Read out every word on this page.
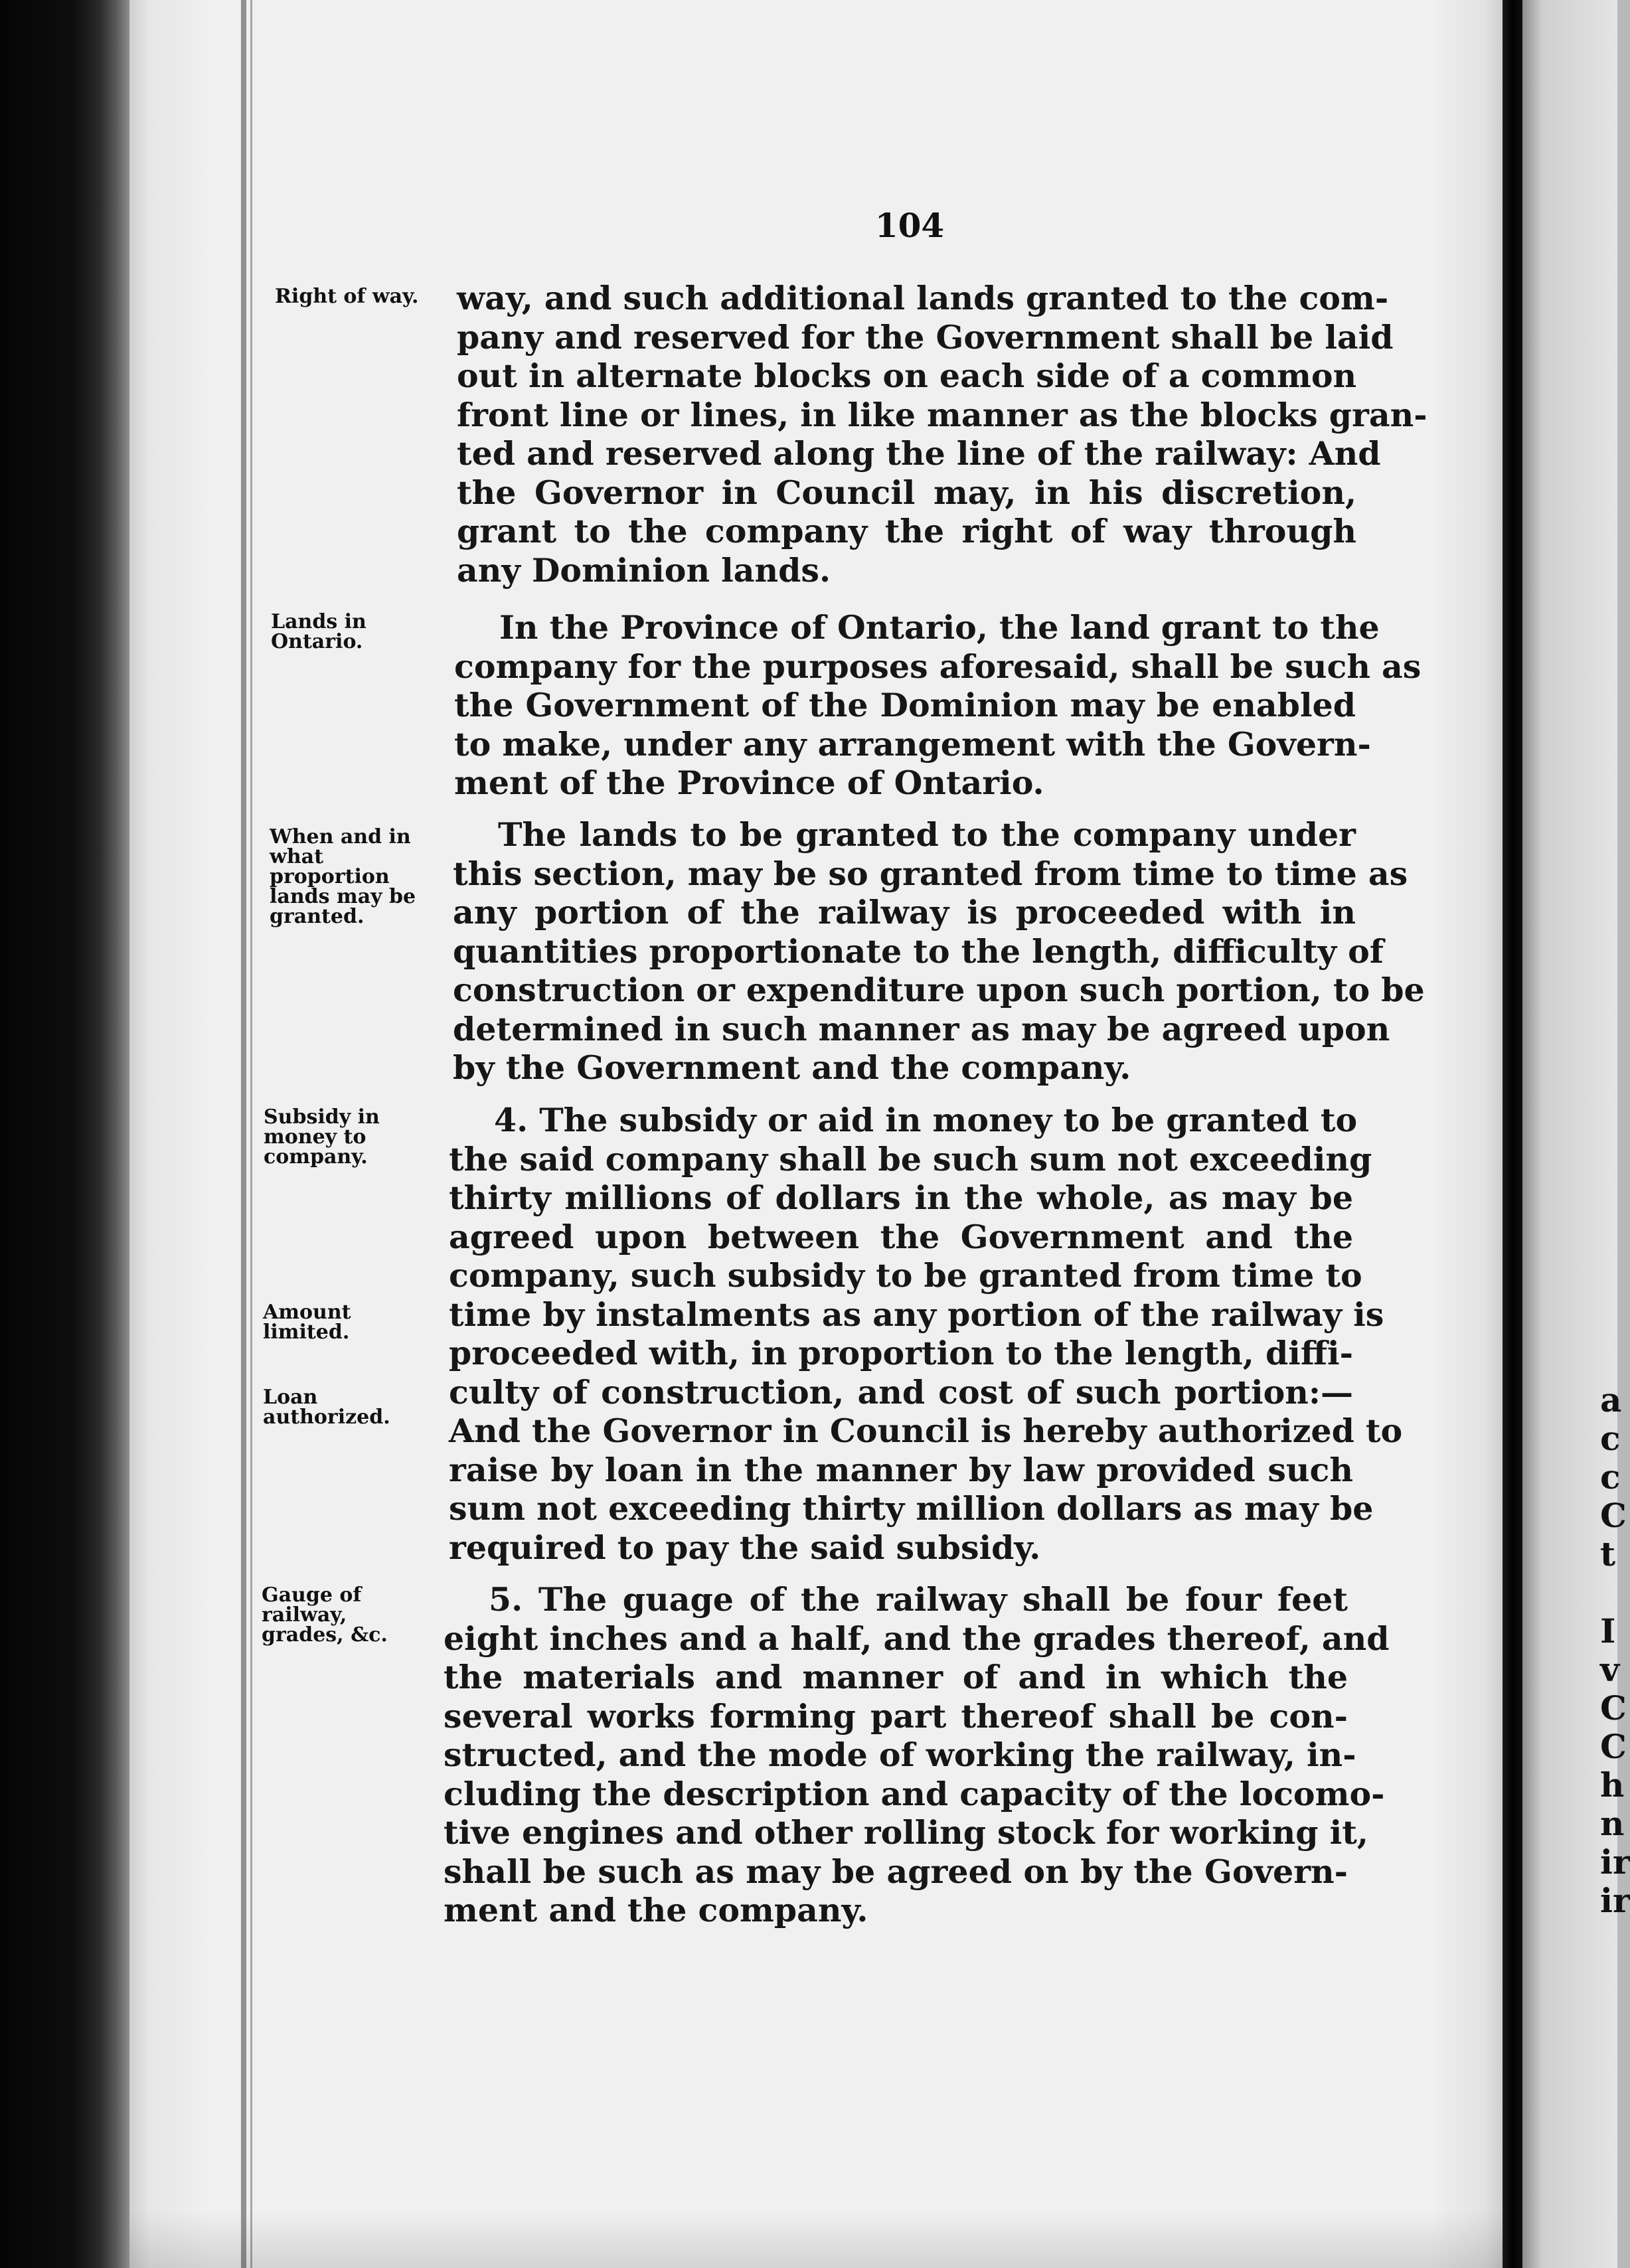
a
c
c
C
t
I
v
C
C
h
n
ir
ir
104
Right of way.
Lands in Ontario.
When and in what proportion lands may be granted.
Subsidy in money to company.
Amount limited.
Loan authorized.
Gauge of railway, grades, &c.
way, and such additional lands granted to the com-
pany and reserved for the Government shall be laid
out in alternate blocks on each side of a common
front line or lines, in like manner as the blocks gran-
ted and reserved along the line of the railway: And
the Governor in Council may, in his discretion,
grant to the company the right of way through
any Dominion lands.
In the Province of Ontario, the land grant to the
company for the purposes aforesaid, shall be such as
the Government of the Dominion may be enabled
to make, under any arrangement with the Govern-
ment of the Province of Ontario.
The lands to be granted to the company under
this section, may be so granted from time to time as
any portion of the railway is proceeded with in
quantities proportionate to the length, difficulty of
construction or expenditure upon such portion, to be
determined in such manner as may be agreed upon
by the Government and the company.
4. The subsidy or aid in money to be granted to
the said company shall be such sum not exceeding
thirty millions of dollars in the whole, as may be
agreed upon between the Government and the
company, such subsidy to be granted from time to
time by instalments as any portion of the railway is
proceeded with, in proportion to the length, diffi-
culty of construction, and cost of such portion:—
And the Governor in Council is hereby authorized to
raise by loan in the manner by law provided such
sum not exceeding thirty million dollars as may be
required to pay the said subsidy.
5. The guage of the railway shall be four feet
eight inches and a half, and the grades thereof, and
the materials and manner of and in which the
several works forming part thereof shall be con-
structed, and the mode of working the railway, in-
cluding the description and capacity of the locomo-
tive engines and other rolling stock for working it,
shall be such as may be agreed on by the Govern-
ment and the company.
